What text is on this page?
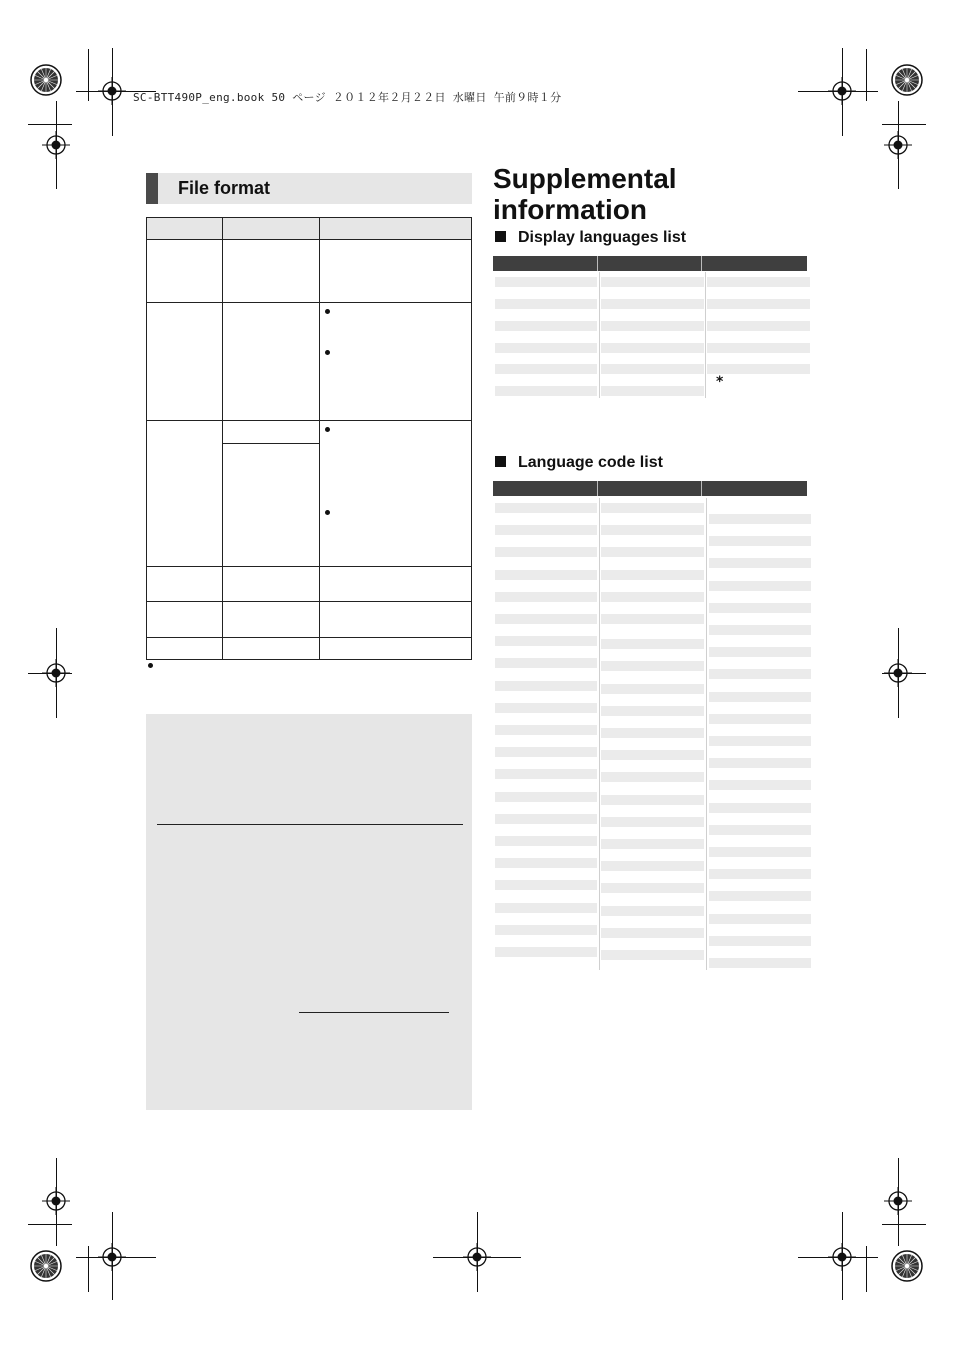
SC-BTT490P_eng.book 50 ページ ２０１２年２月２２日 水曜日 午前９時１分
File format	Supplemental
information
Display languages list
*
Language code list
